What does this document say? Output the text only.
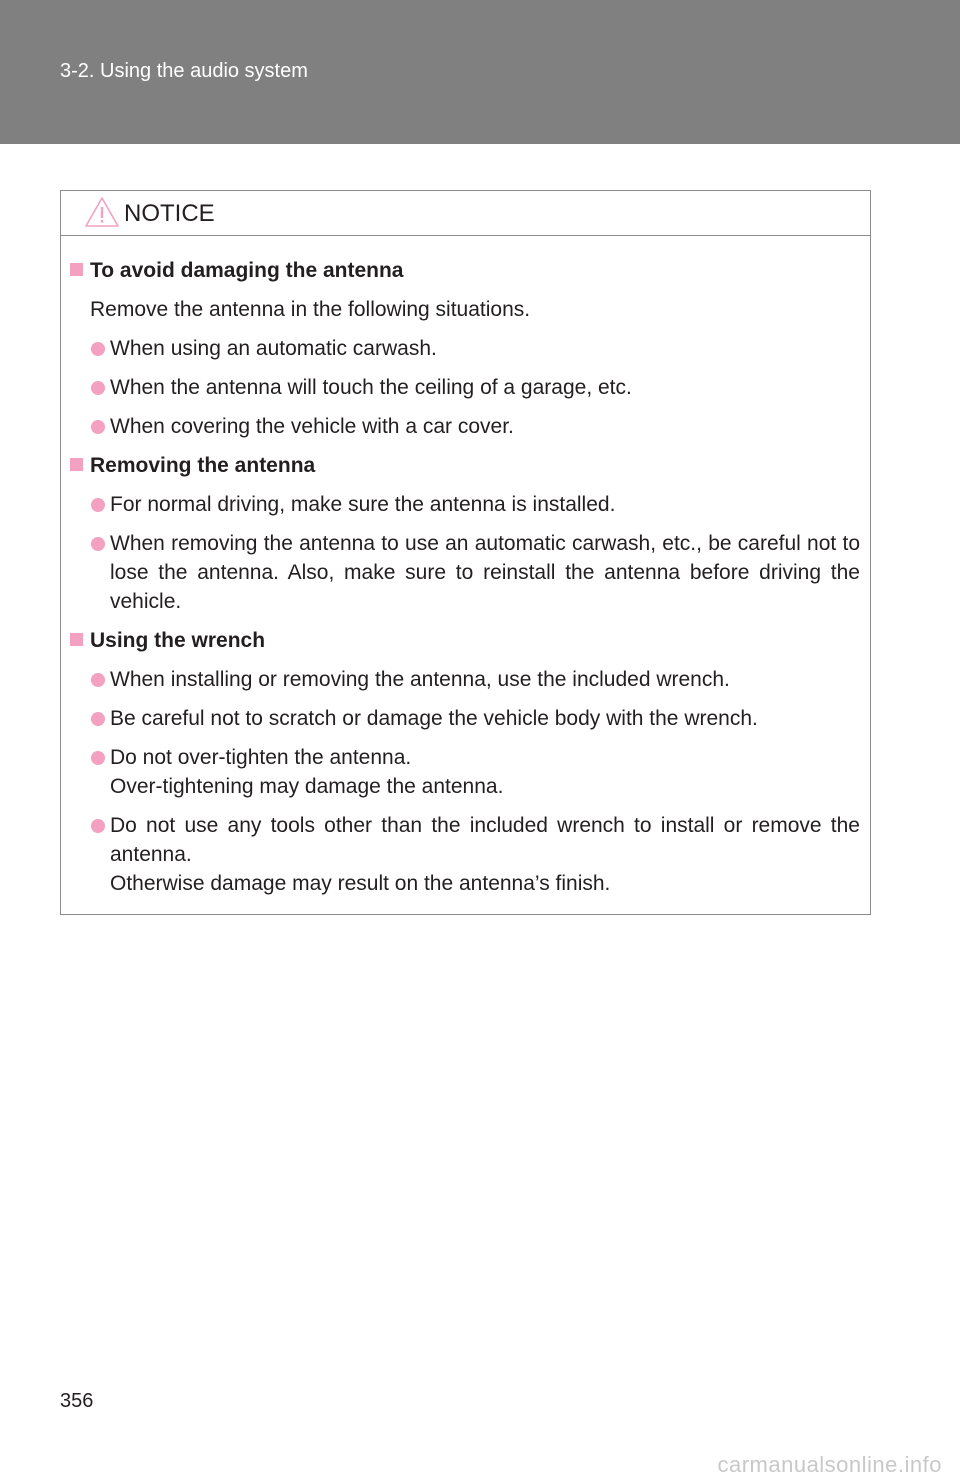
3-2. Using the audio system
NOTICE
To avoid damaging the antenna
Remove the antenna in the following situations.
When using an automatic carwash.
When the antenna will touch the ceiling of a garage, etc.
When covering the vehicle with a car cover.
Removing the antenna
For normal driving, make sure the antenna is installed.
When removing the antenna to use an automatic carwash, etc., be careful not to lose the antenna. Also, make sure to reinstall the antenna before driving the vehicle.
Using the wrench
When installing or removing the antenna, use the included wrench.
Be careful not to scratch or damage the vehicle body with the wrench.
Do not over-tighten the antenna.
Over-tightening may damage the antenna.
Do not use any tools other than the included wrench to install or remove the antenna.
Otherwise damage may result on the antenna’s finish.
356
carmanualsonline.info
